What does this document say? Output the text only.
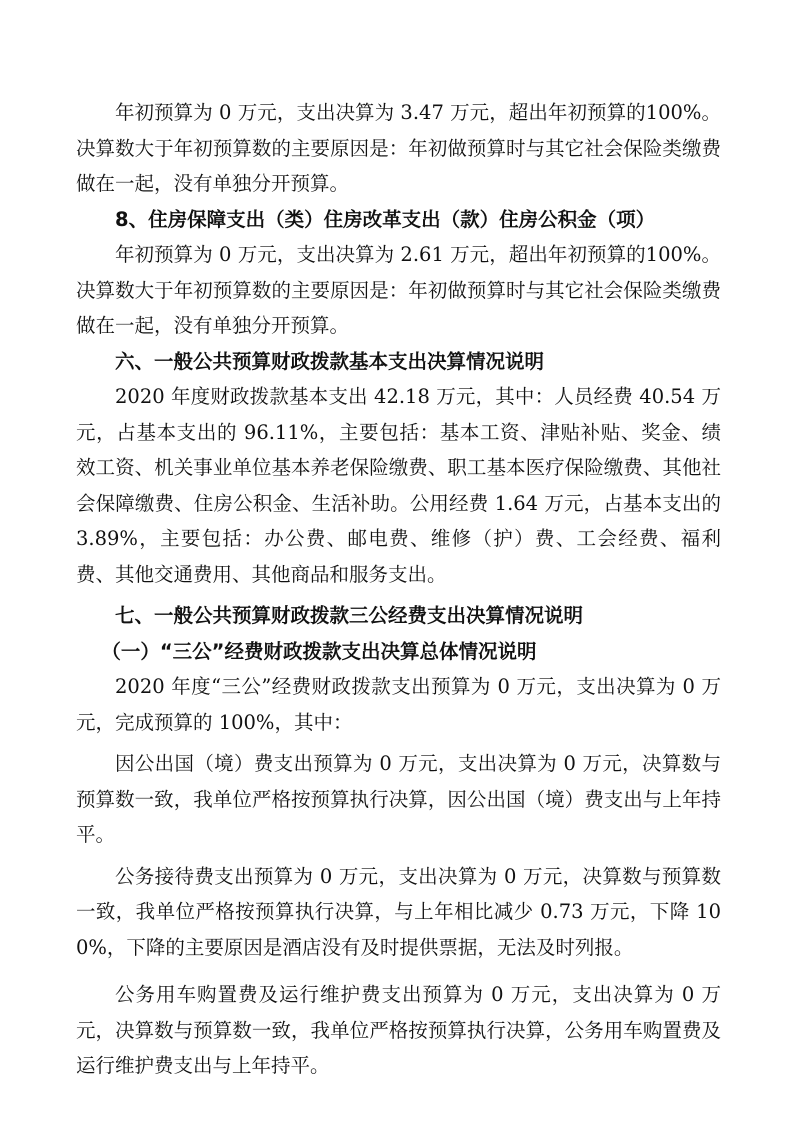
年初预算为 0 万元，支出决算为 3.47 万元，超出年初预算的100%。决算数大于年初预算数的主要原因是：年初做预算时与其它社会保险类缴费做在一起，没有单独分开预算。

8、住房保障支出（类）住房改革支出（款）住房公积金（项）

年初预算为 0 万元，支出决算为 2.61 万元，超出年初预算的100%。决算数大于年初预算数的主要原因是：年初做预算时与其它社会保险类缴费做在一起，没有单独分开预算。

六、一般公共预算财政拨款基本支出决算情况说明

2020 年度财政拨款基本支出 42.18 万元，其中：人员经费 40.54 万元，占基本支出的 96.11%，主要包括：基本工资、津贴补贴、奖金、绩效工资、机关事业单位基本养老保险缴费、职工基本医疗保险缴费、其他社会保障缴费、住房公积金、生活补助。公用经费 1.64 万元，占基本支出的 3.89%，主要包括：办公费、邮电费、维修（护）费、工会经费、福利费、其他交通费用、其他商品和服务支出。

七、一般公共预算财政拨款三公经费支出决算情况说明

（一）“三公”经费财政拨款支出决算总体情况说明

2020 年度“三公”经费财政拨款支出预算为 0 万元，支出决算为 0 万元，完成预算的 100%，其中：

因公出国（境）费支出预算为 0 万元，支出决算为 0 万元，决算数与预算数一致，我单位严格按预算执行决算，因公出国（境）费支出与上年持平。

公务接待费支出预算为 0 万元，支出决算为 0 万元，决算数与预算数一致，我单位严格按预算执行决算，与上年相比减少 0.73 万元，下降 100%，下降的主要原因是酒店没有及时提供票据，无法及时列报。

公务用车购置费及运行维护费支出预算为 0 万元，支出决算为 0 万元，决算数与预算数一致，我单位严格按预算执行决算，公务用车购置费及运行维护费支出与上年持平。
